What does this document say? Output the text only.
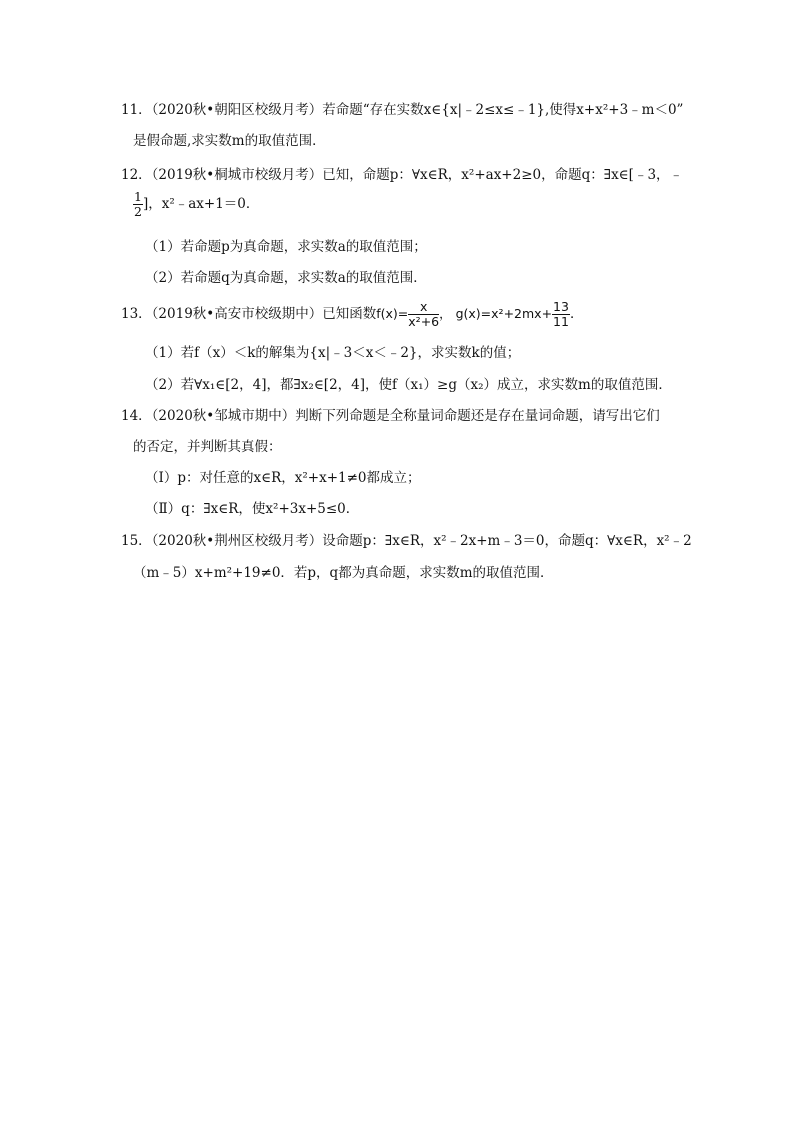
11．（2020秋•朝阳区校级月考）若命题“存在实数x∈{x|﹣2≤x≤﹣1},使得x+x²+3﹣m＜0”
是假命题,求实数m的取值范围．
12．（2019秋•桐城市校级月考）已知，命题p：∀x∈R，x²+ax+2≥0，命题q：∃x∈[﹣3，﹣
$\frac{1}{2}$ ]，x²﹣ax+1＝0．
（1）若命题p为真命题，求实数a的取值范围；
（2）若命题q为真命题，求实数a的取值范围．
13．（2019秋•高安市校级期中）已知函数$f(x)= \frac{x}{\text{x²+6}}$ ， $g(x)=x^2+2mx+ \frac{13}{11}$ ．
（1）若f（x）＜k的解集为{x|﹣3＜x＜﹣2}，求实数k的值；
（2）若∀x₁∈[2，4]，都∃x₂∈[2，4]，使f（x₁）≥g（x₂）成立，求实数m的取值范围．
14．（2020秋•邹城市期中）判断下列命题是全称量词命题还是存在量词命题，请写出它们
的否定，并判断其真假：
（Ⅰ）p：对任意的x∈R，x²+x+1≠0都成立；
（Ⅱ）q：∃x∈R，使x²+3x+5≤0．
15．（2020秋•荆州区校级月考）设命题p：∃x∈R，x²﹣2x+m﹣3＝0，命题q：∀x∈R，x²﹣2
（m﹣5）x+m²+19≠0．若p，q都为真命题，求实数m的取值范围．
